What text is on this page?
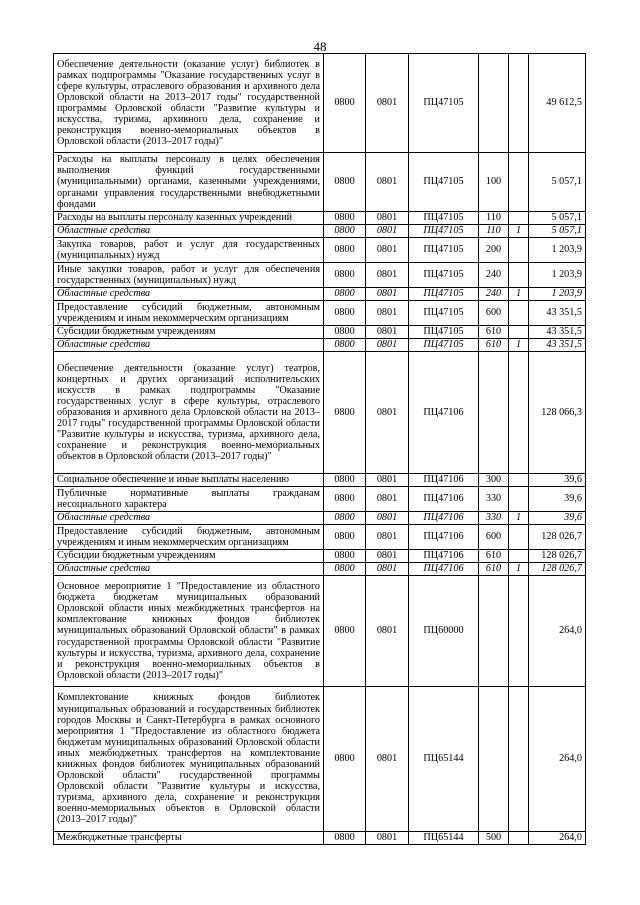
48
Обеспечение деятельности (оказание услуг) библиотек в рамках подпрограммы "Оказание государственных услуг в сфере культуры, отраслевого образования и архивного дела Орловской области на 2013–2017 годы" государственной программы Орловской области "Развитие культуры и искусства, туризма, архивного дела, сохранение и реконструкция военно-мемориальных объектов в Орловской области (2013–2017 годы)"	0800	0801	ПЦ47105			49 612,5
Расходы на выплаты персоналу в целях обеспечения выполнения функций государственными (муниципальными) органами, казенными учреждениями, органами управления государственными внебюджетными фондами	0800	0801	ПЦ47105	100		5 057,1
Расходы на выплаты персоналу казенных учреждений	0800	0801	ПЦ47105	110		5 057,1
Областные средства	0800	0801	ПЦ47105	110	1	5 057,1
Закупка товаров, работ и услуг для государственных (муниципальных) нужд	0800	0801	ПЦ47105	200		1 203,9
Иные закупки товаров, работ и услуг для обеспечения государственных (муниципальных) нужд	0800	0801	ПЦ47105	240		1 203,9
Областные средства	0800	0801	ПЦ47105	240	1	1 203,9
Предоставление субсидий бюджетным, автономным учреждениям и иным некоммерческим организациям	0800	0801	ПЦ47105	600		43 351,5
Субсидии бюджетным учреждениям	0800	0801	ПЦ47105	610		43 351,5
Областные средства	0800	0801	ПЦ47105	610	1	43 351,5
Обеспечение деятельности (оказание услуг) театров, концертных и других организаций исполнительских искусств в рамках подпрограммы "Оказание государственных услуг в сфере культуры, отраслевого образования и архивного дела Орловской области на 2013–2017 годы" государственной программы Орловской области "Развитие культуры и искусства, туризма, архивного дела, сохранение и реконструкция военно-мемориальных объектов в Орловской области (2013–2017 годы)"	0800	0801	ПЦ47106			128 066,3
Социальное обеспечение и иные выплаты населению	0800	0801	ПЦ47106	300		39,6
Публичные нормативные выплаты гражданам несоциального характера	0800	0801	ПЦ47106	330		39,6
Областные средства	0800	0801	ПЦ47106	330	1	39,6
Предоставление субсидий бюджетным, автономным учреждениям и иным некоммерческим организациям	0800	0801	ПЦ47106	600		128 026,7
Субсидии бюджетным учреждениям	0800	0801	ПЦ47106	610		128 026,7
Областные средства	0800	0801	ПЦ47106	610	1	128 026,7
Основное мероприятие 1 "Предоставление из областного бюджета бюджетам муниципальных образований Орловской области иных межбюджетных трансфертов на комплектование книжных фондов библиотек муниципальных образований Орловской области" в рамках государственной программы Орловской области "Развитие культуры и искусства, туризма, архивного дела, сохранение и реконструкция военно-мемориальных объектов в Орловской области (2013–2017 годы)"	0800	0801	ПЦ60000			264,0
Комплектование книжных фондов библиотек муниципальных образований и государственных библиотек городов Москвы и Санкт-Петербурга в рамках основного мероприятия 1 "Предоставление из областного бюджета бюджетам муниципальных образований Орловской области иных межбюджетных трансфертов на комплектование книжных фондов библиотек муниципальных образований Орловской области" государственной программы Орловской области "Развитие культуры и искусства, туризма, архивного дела, сохранение и реконструкция военно-мемориальных объектов в Орловской области (2013–2017 годы)"	0800	0801	ПЦ65144			264,0
Межбюджетные трансферты	0800	0801	ПЦ65144	500		264,0
